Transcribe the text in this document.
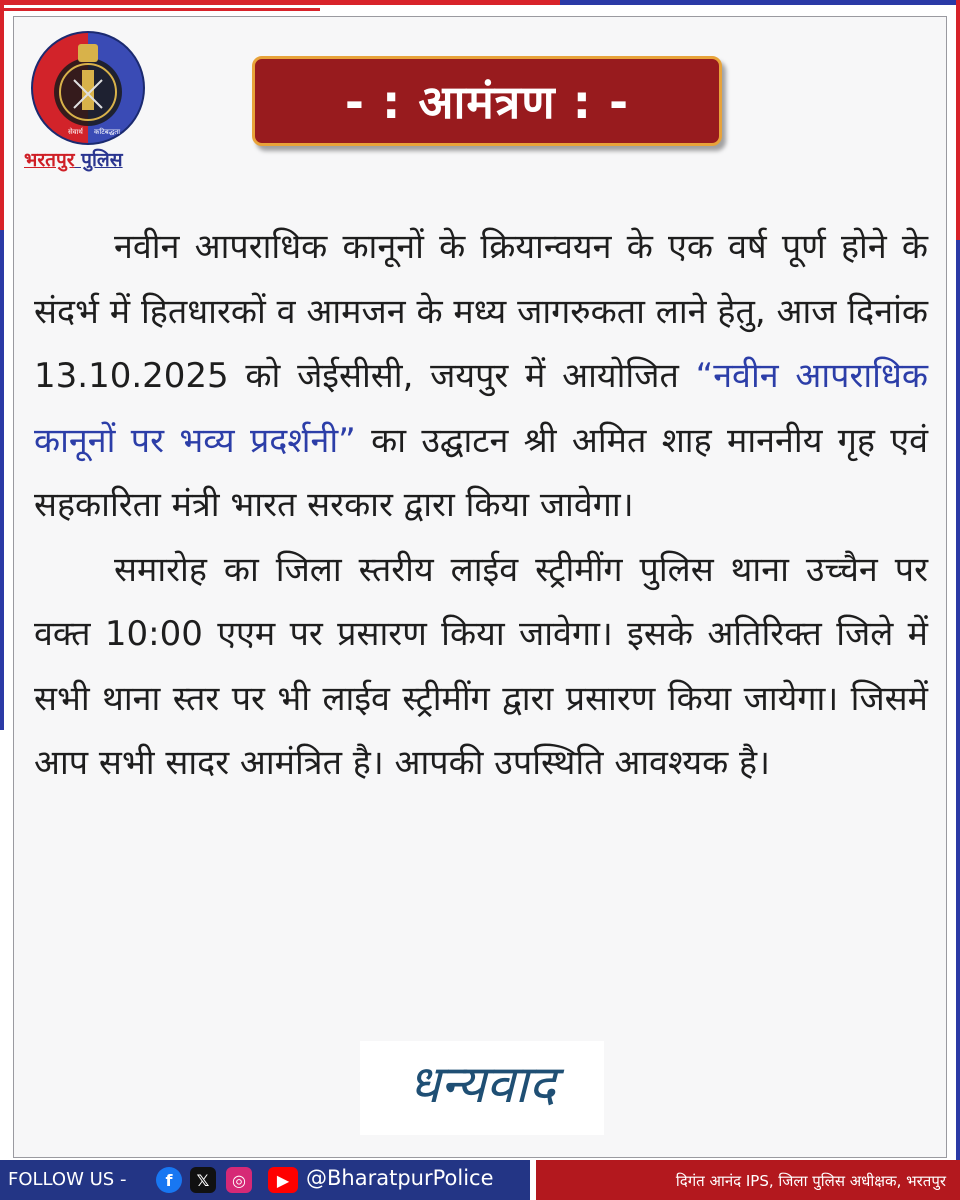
सेवार्थ कटिबद्धता
भरतपुर पुलिस
- : आमंत्रण : -

नवीन आपराधिक कानूनों के क्रियान्वयन के एक वर्ष पूर्ण होने के संदर्भ में हितधारकों व आमजन के मध्य जागरुकता लाने हेतु, आज दिनांक 13.10.2025 को जेईसीसी, जयपुर में आयोजित “नवीन आपराधिक कानूनों पर भव्य प्रदर्शनी” का उद्घाटन श्री अमित शाह माननीय गृह एवं सहकारिता मंत्री भारत सरकार द्वारा किया जावेगा।

समारोह का जिला स्तरीय लाईव स्ट्रीमींग पुलिस थाना उच्चैन पर वक्त 10:00 एएम पर प्रसारण किया जावेगा। इसके अतिरिक्त जिले में सभी थाना स्तर पर भी लाईव स्ट्रीमींग द्वारा प्रसारण किया जायेगा। जिसमें आप सभी सादर आमंत्रित है। आपकी उपस्थिति आवश्यक है।

धन्यवाद
FOLLOW US -	f	𝕏	◎	▶ @BharatpurPolice	दिगंत आनंद IPS, जिला पुलिस अधीक्षक, भरतपुर
